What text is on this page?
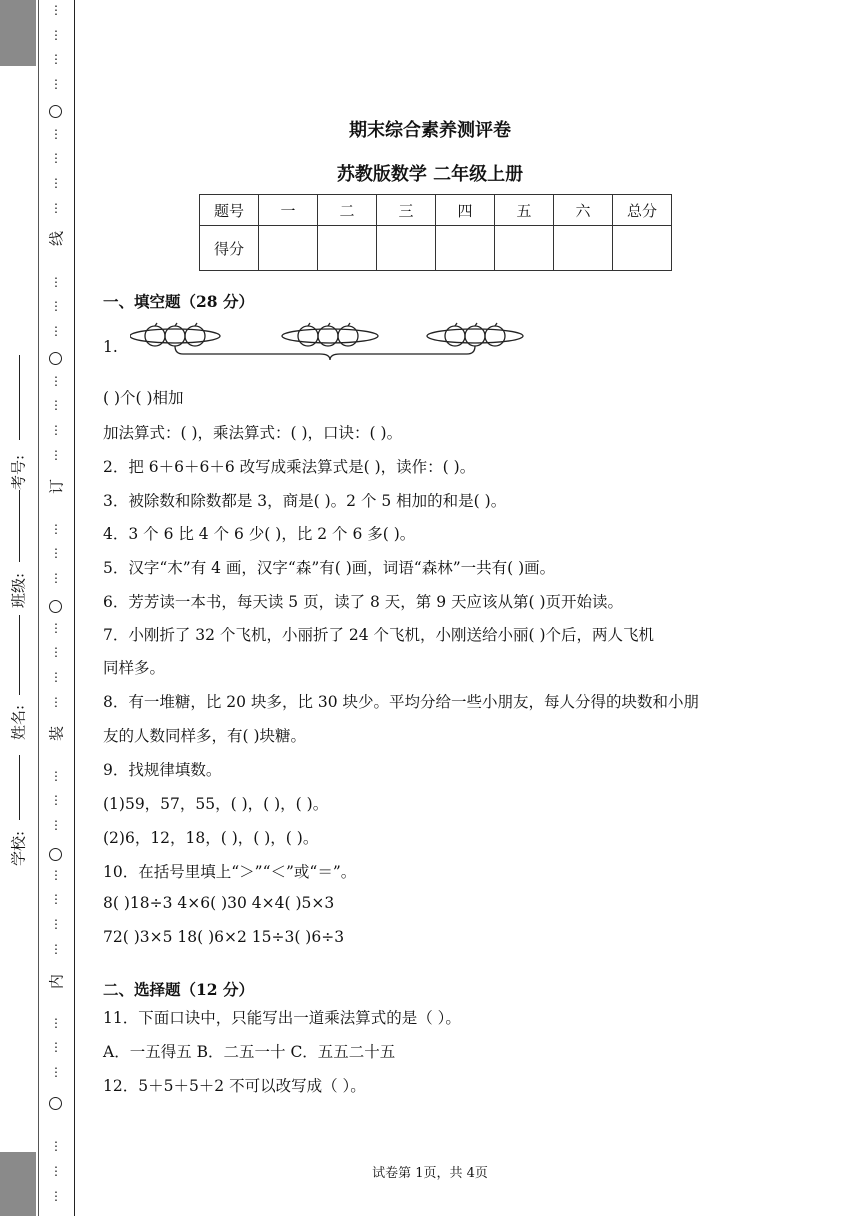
学校:
姓名:
班级:
考号:
⋮
⋮
⋮
⋮
⋮
⋮
⋮
⋮
⋮
⋮
⋮
⋮
⋮
⋮
⋮
⋮
⋮
⋮
⋮
⋮
⋮
⋮
⋮
⋮
⋮
⋮
⋮
⋮
⋮
⋮
⋮
⋮
⋮
⋮
⋮
线
订
装
内
期末综合素养测评卷
苏教版数学 二年级上册
题号	一	二	三	四	五	六	总分
得分							
一、填空题（28 分）
1.
( )个( )相加
加法算式：( )，乘法算式：( )，口诀：( )。
2．把 6＋6＋6＋6 改写成乘法算式是( )，读作：( )。
3．被除数和除数都是 3，商是( )。2 个 5 相加的和是( )。
4．3 个 6 比 4 个 6 少( )，比 2 个 6 多( )。
5．汉字“木”有 4 画，汉字“森”有( )画，词语“森林”一共有( )画。
6．芳芳读一本书，每天读 5 页，读了 8 天，第 9 天应该从第( )页开始读。
7．小刚折了 32 个飞机，小丽折了 24 个飞机，小刚送给小丽( )个后，两人飞机
同样多。
8．有一堆糖，比 20 块多，比 30 块少。平均分给一些小朋友，每人分得的块数和小朋
友的人数同样多，有( )块糖。
9．找规律填数。
(1)59，57，55，( )，( )，( )。
(2)6，12，18，( )，( )，( )。
10．在括号里填上“＞”“＜”或“＝”。
8( )18÷3 4×6( )30 4×4( )5×3
72( )3×5 18( )6×2 15÷3( )6÷3
二、选择题（12 分）
11．下面口诀中，只能写出一道乘法算式的是（ ）。
A．一五得五 B．二五一十 C．五五二十五
12．5＋5＋5＋2 不可以改写成（ ）。
试卷第 1页，共 4页
